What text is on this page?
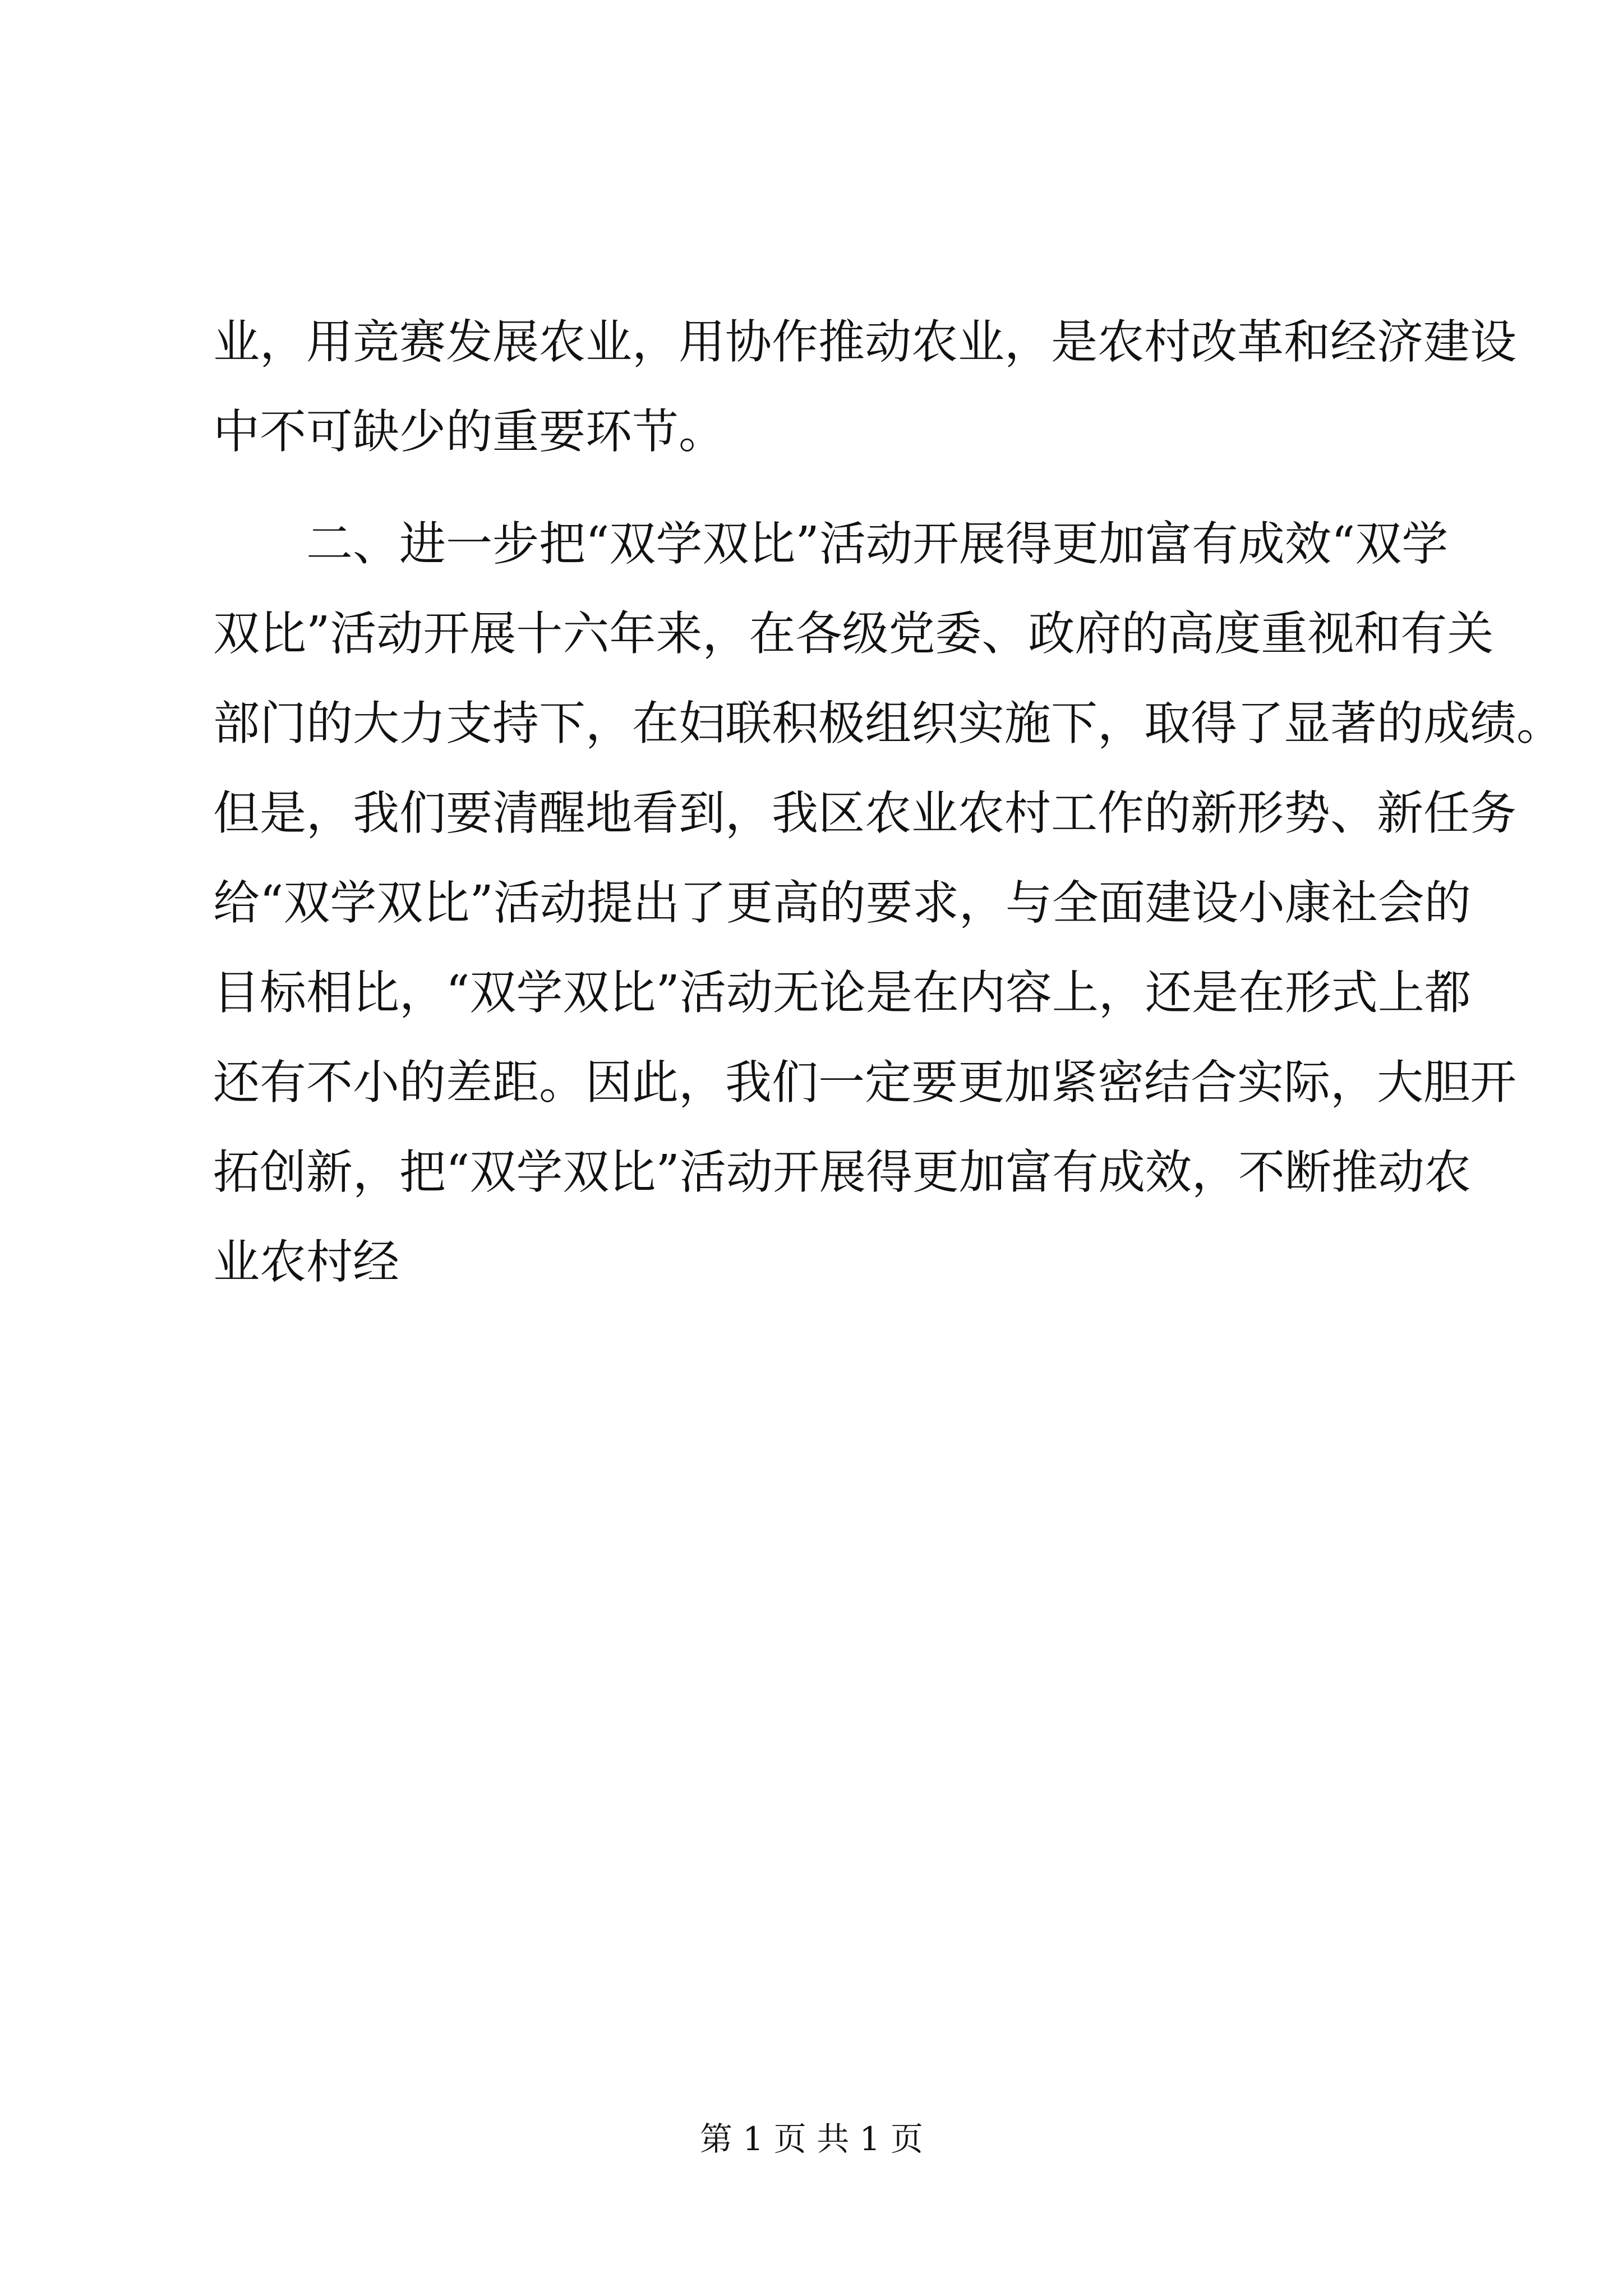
业，用竞赛发展农业，用协作推动农业，是农村改革和经济建设
中不可缺少的重要环节。
　　二、进一步把“双学双比”活动开展得更加富有成效“双学
双比”活动开展十六年来，在各级党委、政府的高度重视和有关
部门的大力支持下，在妇联积极组织实施下，取得了显著的成绩。
但是，我们要清醒地看到，我区农业农村工作的新形势、新任务
给“双学双比”活动提出了更高的要求，与全面建设小康社会的
目标相比，“双学双比”活动无论是在内容上，还是在形式上都
还有不小的差距。因此，我们一定要更加紧密结合实际，大胆开
拓创新，把“双学双比”活动开展得更加富有成效，不断推动农
业农村经
第 1 页 共 1 页
